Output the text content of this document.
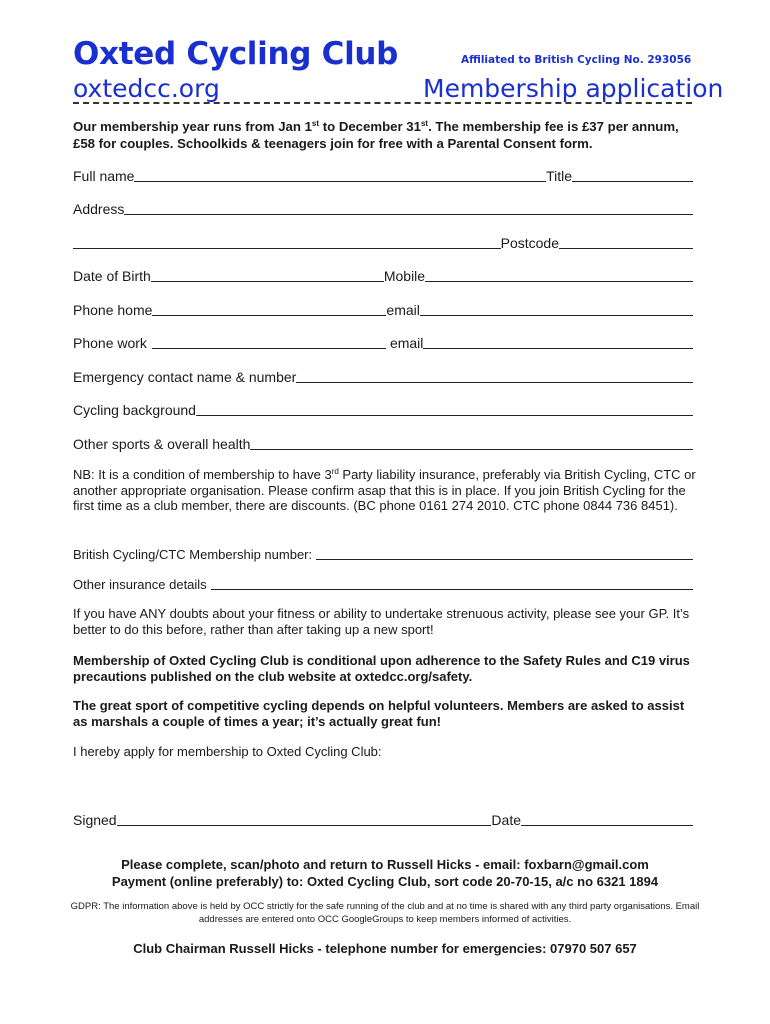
Oxted Cycling Club
oxtedcc.org
Affiliated to British Cycling No. 293056
Membership application
Our membership year runs from Jan 1st to December 31st. The membership fee is £37 per annum, £58 for couples. Schoolkids & teenagers join for free with a Parental Consent form.
Full name	Title
Address
Postcode
Date of Birth	Mobile
Phone home	email
Phone work	email
Emergency contact name & number
Cycling background
Other sports & overall health
NB: It is a condition of membership to have 3rd Party liability insurance, preferably via British Cycling, CTC or another appropriate organisation. Please confirm asap that this is in place. If you join British Cycling for the first time as a club member, there are discounts. (BC phone 0161 274 2010. CTC phone 0844 736 8451).
British Cycling/CTC Membership number:
Other insurance details
If you have ANY doubts about your fitness or ability to undertake strenuous activity, please see your GP. It’s better to do this before, rather than after taking up a new sport!
Membership of Oxted Cycling Club is conditional upon adherence to the Safety Rules and C19 virus precautions published on the club website at oxtedcc.org/safety.
The great sport of competitive cycling depends on helpful volunteers. Members are asked to assist as marshals a couple of times a year; it’s actually great fun!
I hereby apply for membership to Oxted Cycling Club:
Signed	Date
Please complete, scan/photo and return to Russell Hicks - email: foxbarn@gmail.com
Payment (online preferably) to: Oxted Cycling Club, sort code 20-70-15, a/c no 6321 1894
GDPR: The information above is held by OCC strictly for the safe running of the club and at no time is shared with any third party organisations. Email addresses are entered onto OCC GoogleGroups to keep members informed of activities.
Club Chairman Russell Hicks - telephone number for emergencies: 07970 507 657
